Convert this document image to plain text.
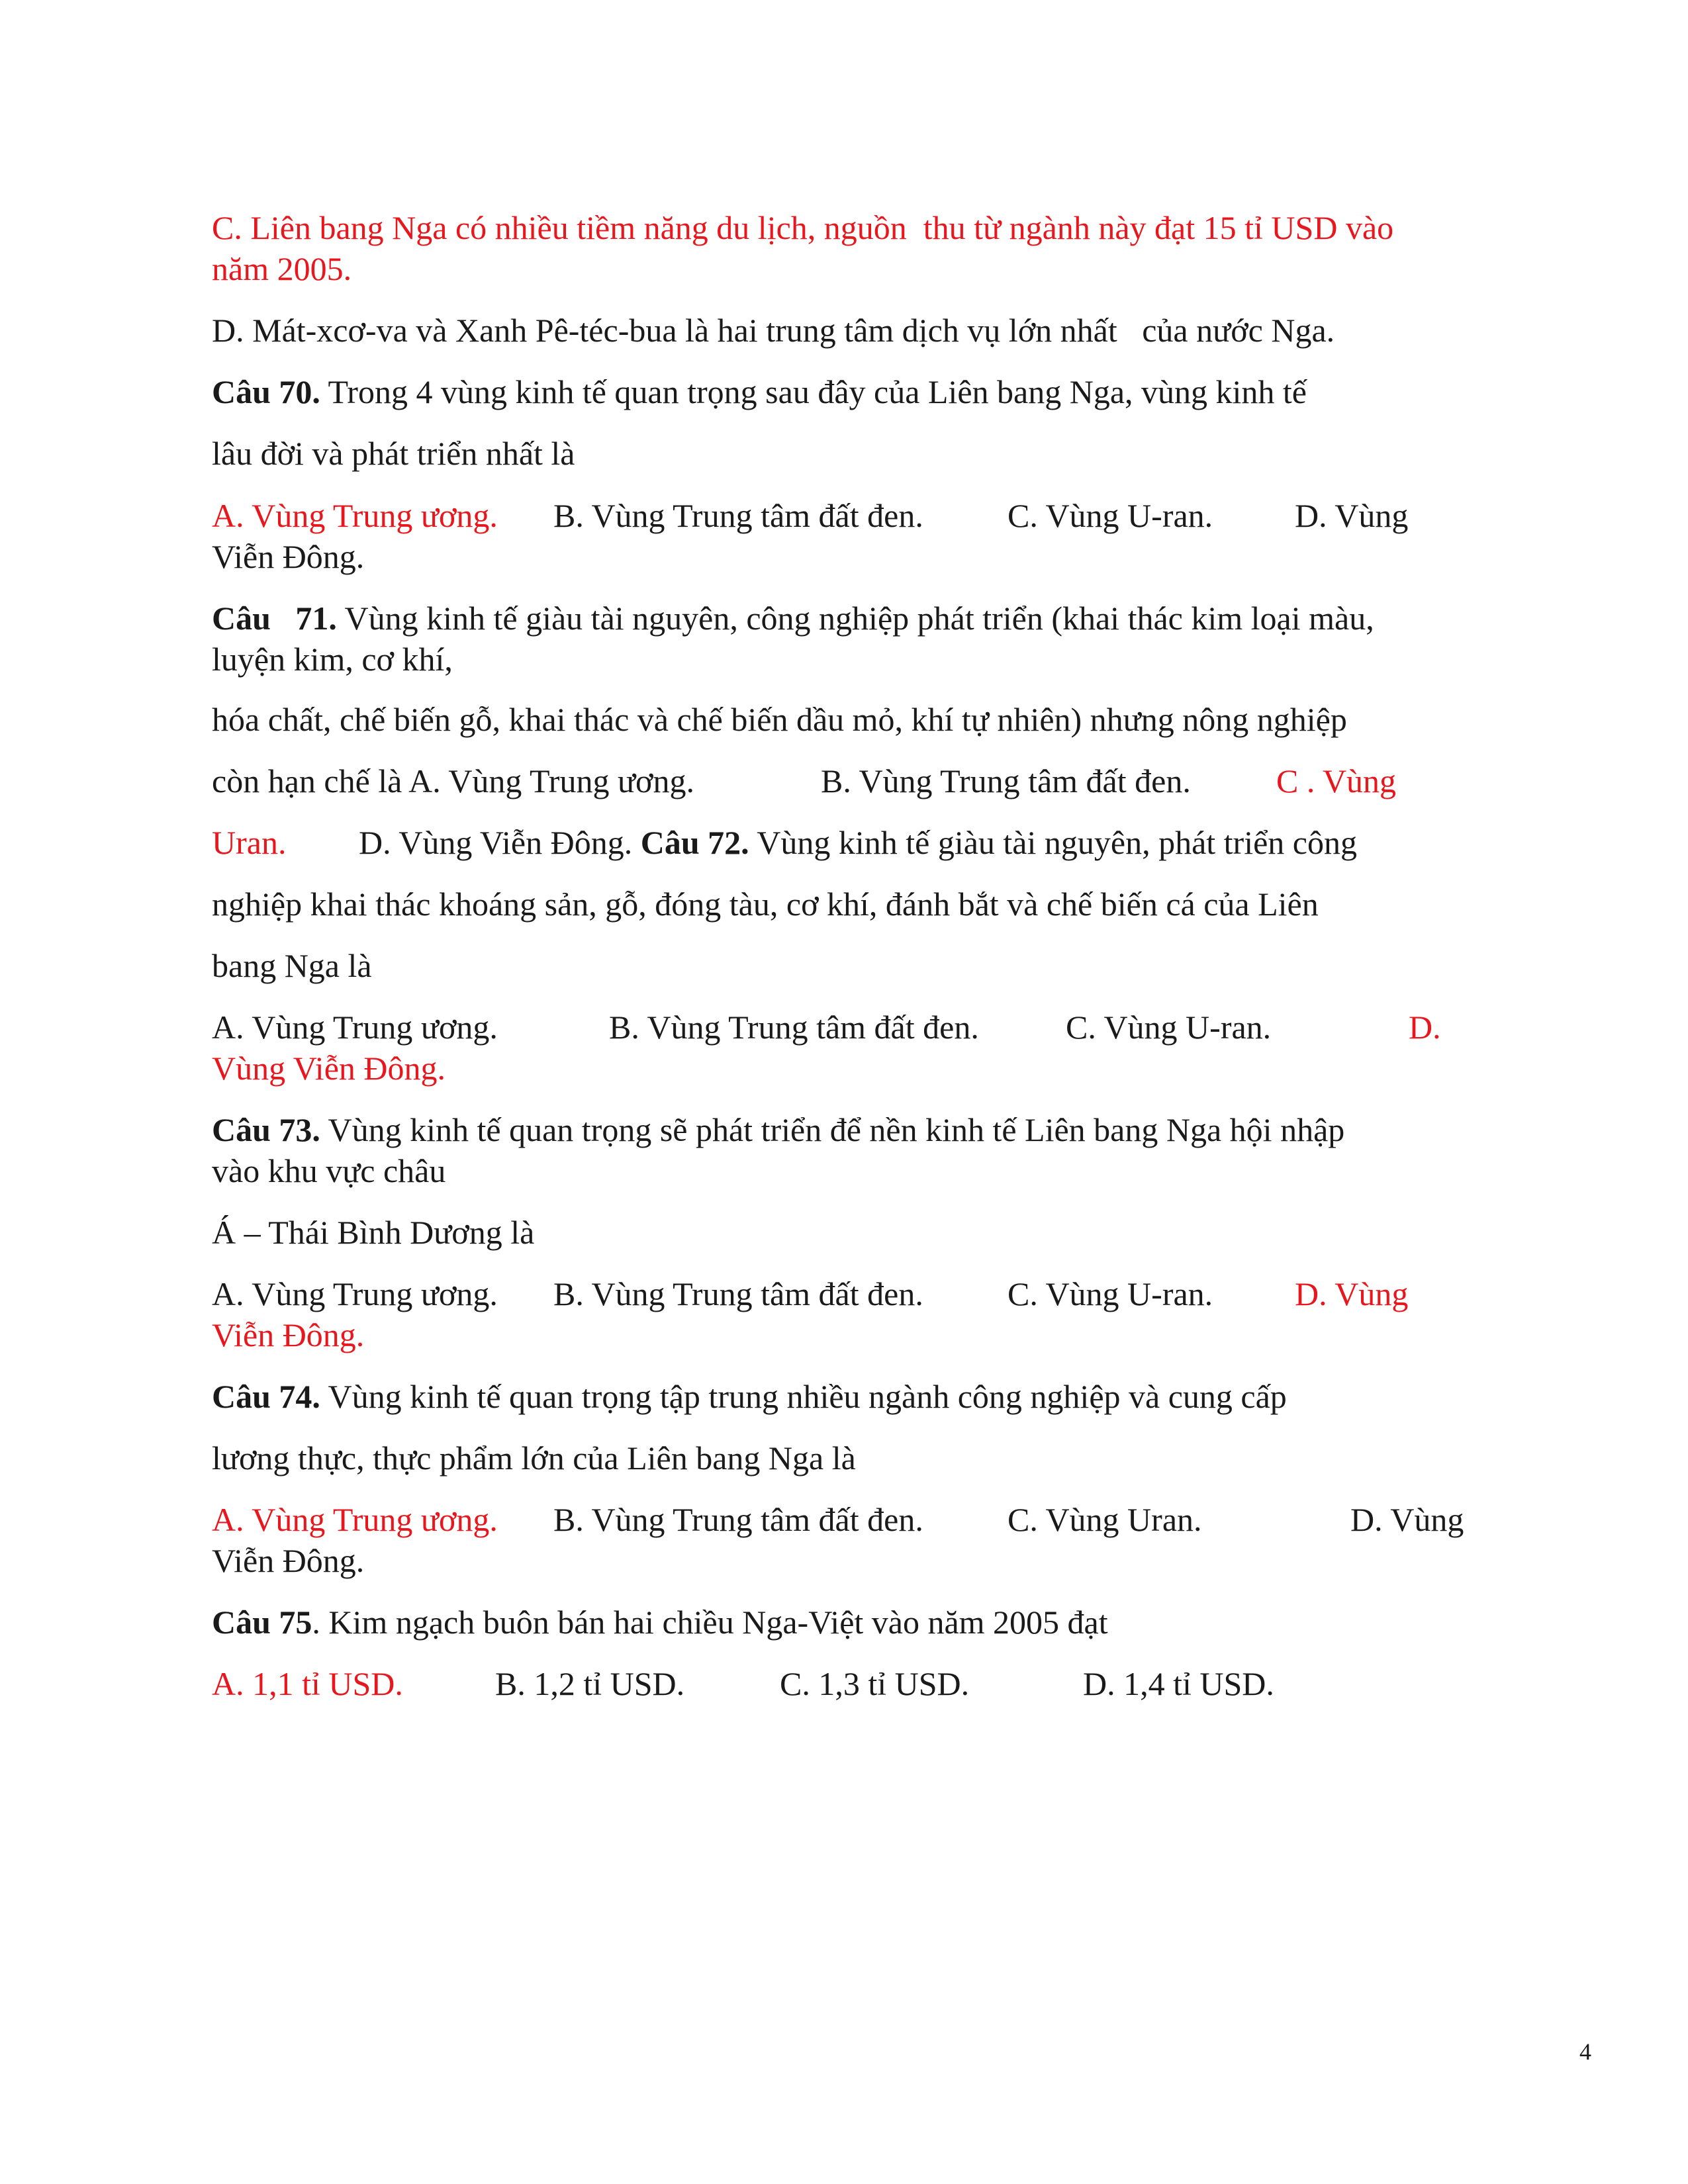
C. Liên bang Nga có nhiều tiềm năng du lịch, nguồn  thu từ ngành này đạt 15 tỉ USD vào
năm 2005.
D. Mát-xcơ-va và Xanh Pê-téc-bua là hai trung tâm dịch vụ lớn nhất   của nước Nga.
Câu 70. Trong 4 vùng kinh tế quan trọng sau đây của Liên bang Nga, vùng kinh tế
lâu đời và phát triển nhất là
A. Vùng Trung ương. B. Vùng Trung tâm đất đen.	C. Vùng U-ran. D. Vùng
Viễn Đông.
Câu   71. Vùng kinh tế giàu tài nguyên, công nghiệp phát triển (khai thác kim loại màu,
luyện kim, cơ khí,
hóa chất, chế biến gỗ, khai thác và chế biến dầu mỏ, khí tự nhiên) nhưng nông nghiệp
còn hạn chế là A. Vùng Trung ương.	B. Vùng Trung tâm đất đen.	C . Vùng
Uran. D. Vùng Viễn Đông. Câu 72. Vùng kinh tế giàu tài nguyên, phát triển công
nghiệp khai thác khoáng sản, gỗ, đóng tàu, cơ khí, đánh bắt và chế biến cá của Liên
bang Nga là
A. Vùng Trung ương.	B. Vùng Trung tâm đất đen.	C. Vùng U-ran.	D.
Vùng Viễn Đông.
Câu 73. Vùng kinh tế quan trọng sẽ phát triển để nền kinh tế Liên bang Nga hội nhập
vào khu vực châu
Á – Thái Bình Dương là
A. Vùng Trung ương. B. Vùng Trung tâm đất đen.	C. Vùng U-ran. D. Vùng
Viễn Đông.
Câu 74. Vùng kinh tế quan trọng tập trung nhiều ngành công nghiệp và cung cấp
lương thực, thực phẩm lớn của Liên bang Nga là
A. Vùng Trung ương. B. Vùng Trung tâm đất đen.	C. Vùng Uran.	D. Vùng
Viễn Đông.
Câu 75. Kim ngạch buôn bán hai chiều Nga-Việt vào năm 2005 đạt
A. 1,1 tỉ USD.	B. 1,2 tỉ USD.	C. 1,3 tỉ USD.	D. 1,4 tỉ USD.
4
